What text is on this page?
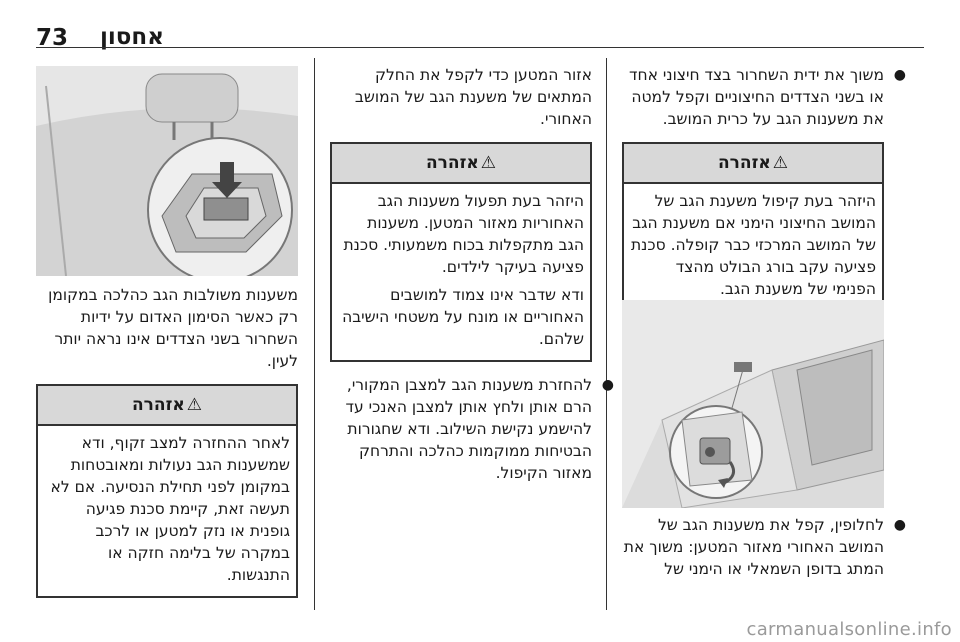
73 אחסון

●
משוך את ידית השחרור בצד חיצוני אחד או בשני הצדדים החיצוניים וקפל למטה את משענות הגב על כרית המושב.

⚠אזהרה

היזהר בעת קיפול משענת הגב של המושב החיצוני הימני אם משענת הגב של המושב המרכזי כבר קופלה. סכנת פציעה עקב בורג הבולט מהצד הפנימי של משענת הגב.

●
לחלופין, קפל את משענות הגב של המושב האחורי מאזור המטען: משוך את המתג בדופן השמאלי או הימני של

אזור המטען כדי לקפל את החלק המתאים של משענת הגב של המושב האחורי.

⚠אזהרה

היזהר בעת תפעול משענות הגב האחוריות מאזור המטען. משענות הגב מתקפלות בכוח משמעותי. סכנת פציעה בעיקר לילדים.

ודא שדבר אינו צמוד למושבים האחוריים או מונח על משטחי הישיבה שלהם.

●
להחזרת משענות הגב למצבן המקורי, הרם אותן ולחץ אותן למצבן האנכי עד להישמע נקישת השילוב. ודא שחגורות הבטיחות ממוקמות כהלכה והתרחק מאזור הקיפול.

משענות משולבות הגב כהלכה במקומן רק כאשר הסימון האדום על ידיות השחרור בשני הצדדים אינו נראה יותר לעין.

⚠אזהרה

לאחר ההחזרה למצב זקוף, ודא שמשענות הגב נעולות ומאובטחות במקומן לפני תחילת הנסיעה. אם לא תעשה זאת, קיימת סכנת פגיעה גופנית או נזק למטען או לרכב במקרה של בלימה חזקה או התנגשות.

carmanualsonline.info
